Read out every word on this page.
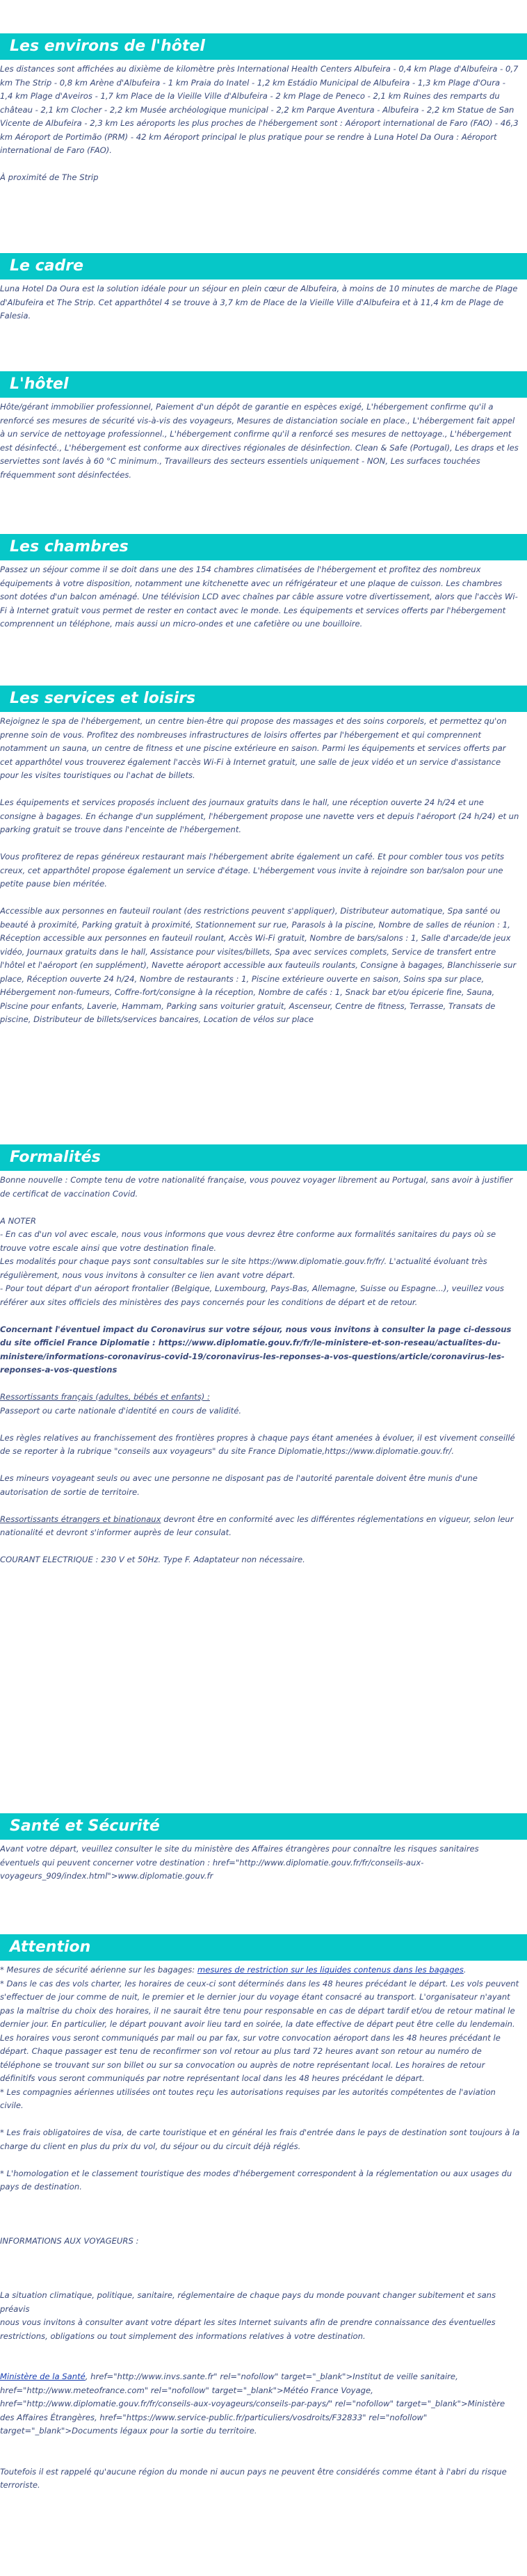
Les environs de l'hôtel

Les distances sont affichées au dixième de kilomètre près International Health Centers Albufeira - 0,4 km Plage d'Albufeira - 0,7 km The Strip - 0,8 km Arène d'Albufeira - 1 km Praia do Inatel - 1,2 km Estádio Municipal de Albufeira - 1,3 km Plage d'Oura - 1,4 km Plage d'Aveiros - 1,7 km Place de la Vieille Ville d'Albufeira - 2 km Plage de Peneco - 2,1 km Ruines des remparts du château - 2,1 km Clocher - 2,2 km Musée archéologique municipal - 2,2 km Parque Aventura - Albufeira - 2,2 km Statue de San Vicente de Albufeira - 2,3 km Les aéroports les plus proches de l'hébergement sont : Aéroport international de Faro (FAO) - 46,3 km Aéroport de Portimão (PRM) - 42 km Aéroport principal le plus pratique pour se rendre à Luna Hotel Da Oura : Aéroport international de Faro (FAO).

À proximité de The Strip

Le cadre

Luna Hotel Da Oura est la solution idéale pour un séjour en plein cœur de Albufeira, à moins de 10 minutes de marche de Plage d'Albufeira et The Strip. Cet apparthôtel 4 se trouve à 3,7 km de Place de la Vieille Ville d'Albufeira et à 11,4 km de Plage de Falesia.

L'hôtel

Hôte/gérant immobilier professionnel, Paiement d'un dépôt de garantie en espèces exigé, L'hébergement confirme qu'il a renforcé ses mesures de sécurité vis-à-vis des voyageurs, Mesures de distanciation sociale en place., L'hébergement fait appel à un service de nettoyage professionnel., L'hébergement confirme qu'il a renforcé ses mesures de nettoyage., L'hébergement est désinfecté., L'hébergement est conforme aux directives régionales de désinfection. Clean & Safe (Portugal), Les draps et les serviettes sont lavés à 60 °C minimum., Travailleurs des secteurs essentiels uniquement - NON, Les surfaces touchées fréquemment sont désinfectées.

Les chambres

Passez un séjour comme il se doit dans une des 154 chambres climatisées de l'hébergement et profitez des nombreux équipements à votre disposition, notamment une kitchenette avec un réfrigérateur et une plaque de cuisson. Les chambres sont dotées d'un balcon aménagé. Une télévision LCD avec chaînes par câble assure votre divertissement, alors que l'accès Wi-Fi à Internet gratuit vous permet de rester en contact avec le monde. Les équipements et services offerts par l'hébergement comprennent un téléphone, mais aussi un micro-ondes et une cafetière ou une bouilloire.

Les services et loisirs

Rejoignez le spa de l'hébergement, un centre bien-être qui propose des massages et des soins corporels, et permettez qu'on prenne soin de vous. Profitez des nombreuses infrastructures de loisirs offertes par l'hébergement et qui comprennent notamment un sauna, un centre de fitness et une piscine extérieure en saison. Parmi les équipements et services offerts par cet apparthôtel vous trouverez également l'accès Wi-Fi à Internet gratuit, une salle de jeux vidéo et un service d'assistance pour les visites touristiques ou l'achat de billets.

Les équipements et services proposés incluent des journaux gratuits dans le hall, une réception ouverte 24 h/24 et une consigne à bagages. En échange d'un supplément, l'hébergement propose une navette vers et depuis l'aéroport (24 h/24) et un parking gratuit se trouve dans l'enceinte de l'hébergement.

Vous profiterez de repas généreux restaurant mais l'hébergement abrite également un café. Et pour combler tous vos petits creux, cet apparthôtel propose également un service d'étage. L'hébergement vous invite à rejoindre son bar/salon pour une petite pause bien méritée.

Accessible aux personnes en fauteuil roulant (des restrictions peuvent s'appliquer), Distributeur automatique, Spa santé ou beauté à proximité, Parking gratuit à proximité, Stationnement sur rue, Parasols à la piscine, Nombre de salles de réunion : 1, Réception accessible aux personnes en fauteuil roulant, Accès Wi-Fi gratuit, Nombre de bars/salons : 1, Salle d'arcade/de jeux vidéo, Journaux gratuits dans le hall, Assistance pour visites/billets, Spa avec services complets, Service de transfert entre l'hôtel et l'aéroport (en supplément), Navette aéroport accessible aux fauteuils roulants, Consigne à bagages, Blanchisserie sur place, Réception ouverte 24 h/24, Nombre de restaurants : 1, Piscine extérieure ouverte en saison, Soins spa sur place, Hébergement non-fumeurs, Coffre-fort/consigne à la réception, Nombre de cafés : 1, Snack bar et/ou épicerie fine, Sauna, Piscine pour enfants, Laverie, Hammam, Parking sans voiturier gratuit, Ascenseur, Centre de fitness, Terrasse, Transats de piscine, Distributeur de billets/services bancaires, Location de vélos sur place

Formalités

Bonne nouvelle : Compte tenu de votre nationalité française, vous pouvez voyager librement au Portugal, sans avoir à justifier de certificat de vaccination Covid.

A NOTER

- En cas d'un vol avec escale, nous vous informons que vous devrez être conforme aux formalités sanitaires du pays où se trouve votre escale ainsi que votre destination finale.

Les modalités pour chaque pays sont consultables sur le site https://www.diplomatie.gouv.fr/fr/. L'actualité évoluant très régulièrement, nous vous invitons à consulter ce lien avant votre départ.

- Pour tout départ d'un aéroport frontalier (Belgique, Luxembourg, Pays-Bas, Allemagne, Suisse ou Espagne...), veuillez vous référer aux sites officiels des ministères des pays concernés pour les conditions de départ et de retour.

Concernant l'éventuel impact du Coronavirus sur votre séjour, nous vous invitons à consulter la page ci-dessous du site officiel France Diplomatie : https://www.diplomatie.gouv.fr/fr/le-ministere-et-son-reseau/actualites-du-ministere/informations-coronavirus-covid-19/coronavirus-les-reponses-a-vos-questions/article/coronavirus-les-reponses-a-vos-questions

Ressortissants français (adultes, bébés et enfants) :

Passeport ou carte nationale d'identité en cours de validité.

Les règles relatives au franchissement des frontières propres à chaque pays étant amenées à évoluer, il est vivement conseillé de se reporter à la rubrique "conseils aux voyageurs" du site France Diplomatie,https://www.diplomatie.gouv.fr/.

Les mineurs voyageant seuls ou avec une personne ne disposant pas de l'autorité parentale doivent être munis d'une autorisation de sortie de territoire.

Ressortissants étrangers et binationaux devront être en conformité avec les différentes réglementations en vigueur, selon leur nationalité et devront s'informer auprès de leur consulat.

COURANT ELECTRIQUE : 230 V et 50Hz. Type F. Adaptateur non nécessaire.

Santé et Sécurité

Avant votre départ, veuillez consulter le site du ministère des Affaires étrangères pour connaître les risques sanitaires éventuels qui peuvent concerner votre destination : href="http://www.diplomatie.gouv.fr/fr/conseils-aux-voyageurs_909/index.html">www.diplomatie.gouv.fr

Attention

* Mesures de sécurité aérienne sur les bagages: mesures de restriction sur les liquides contenus dans les bagages.

* Dans le cas des vols charter, les horaires de ceux-ci sont déterminés dans les 48 heures précédant le départ. Les vols peuvent s'effectuer de jour comme de nuit, le premier et le dernier jour du voyage étant consacré au transport. L'organisateur n'ayant pas la maîtrise du choix des horaires, il ne saurait être tenu pour responsable en cas de départ tardif et/ou de retour matinal le dernier jour. En particulier, le départ pouvant avoir lieu tard en soirée, la date effective de départ peut être celle du lendemain. Les horaires vous seront communiqués par mail ou par fax, sur votre convocation aéroport dans les 48 heures précédant le départ. Chaque passager est tenu de reconfirmer son vol retour au plus tard 72 heures avant son retour au numéro de téléphone se trouvant sur son billet ou sur sa convocation ou auprès de notre représentant local. Les horaires de retour définitifs vous seront communiqués par notre représentant local dans les 48 heures précédant le départ.

* Les compagnies aériennes utilisées ont toutes reçu les autorisations requises par les autorités compétentes de l'aviation civile.

* Les frais obligatoires de visa, de carte touristique et en général les frais d'entrée dans le pays de destination sont toujours à la charge du client en plus du prix du vol, du séjour ou du circuit déjà réglés.

* L'homologation et le classement touristique des modes d'hébergement correspondent à la réglementation ou aux usages du pays de destination.

INFORMATIONS AUX VOYAGEURS :

La situation climatique, politique, sanitaire, réglementaire de chaque pays du monde pouvant changer subitement et sans préavis

nous vous invitons à consulter avant votre départ les sites Internet suivants afin de prendre connaissance des éventuelles restrictions, obligations ou tout simplement des informations relatives à votre destination.

Ministère de la Santé, href="http://www.invs.sante.fr" rel="nofollow" target="_blank">Institut de veille sanitaire, href="http://www.meteofrance.com" rel="nofollow" target="_blank">Météo France Voyage, href="http://www.diplomatie.gouv.fr/fr/conseils-aux-voyageurs/conseils-par-pays/" rel="nofollow" target="_blank">Ministère des Affaires Étrangères, href="https://www.service-public.fr/particuliers/vosdroits/F32833" rel="nofollow" target="_blank">Documents légaux pour la sortie du territoire.

Toutefois il est rappelé qu'aucune région du monde ni aucun pays ne peuvent être considérés comme étant à l'abri du risque terroriste.
